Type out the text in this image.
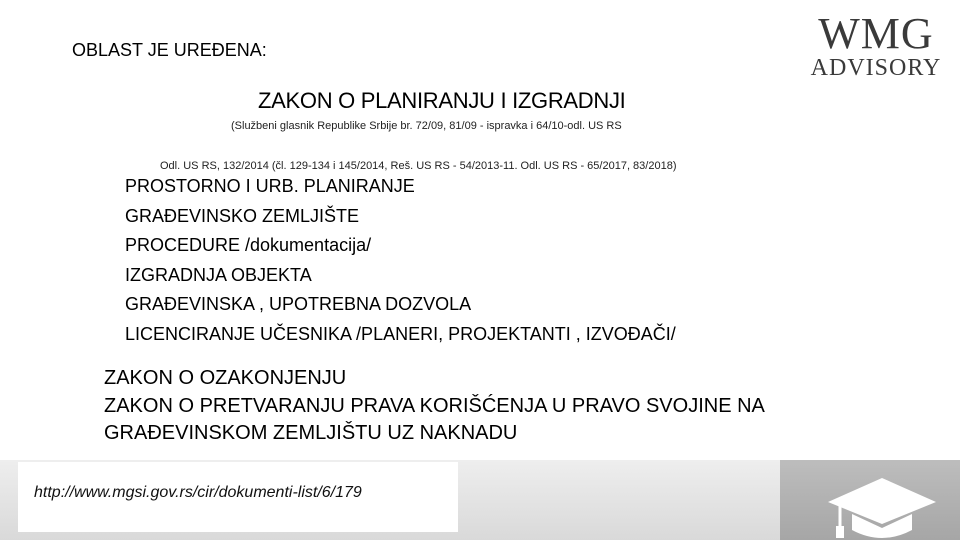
OBLAST JE UREĐENA:	WMG
ADVISORY
ZAKON O PLANIRANJU I IZGRADNJI
(Službeni glasnik Republike Srbije br. 72/09, 81/09 - ispravka i 64/10-odl. US RS
Odl. US RS, 132/2014 (čl. 129-134 i 145/2014, Reš. US RS - 54/2013-11. Odl. US RS - 65/2017, 83/2018)
PROSTORNO I URB. PLANIRANJE
GRAĐEVINSKO ZEMLJIŠTE
PROCEDURE /dokumentacija/
IZGRADNJA OBJEKTA
GRAĐEVINSKA , UPOTREBNA DOZVOLA
LICENCIRANJE UČESNIKA /PLANERI, PROJEKTANTI , IZVOĐAČI/
ZAKON O OZAKONJENJU
ZAKON O PRETVARANJU PRAVA KORIŠĆENJA U PRAVO SVOJINE NA
GRAĐEVINSKOM ZEMLJIŠTU UZ NAKNADU
http://www.mgsi.gov.rs/cir/dokumenti-list/6/179
